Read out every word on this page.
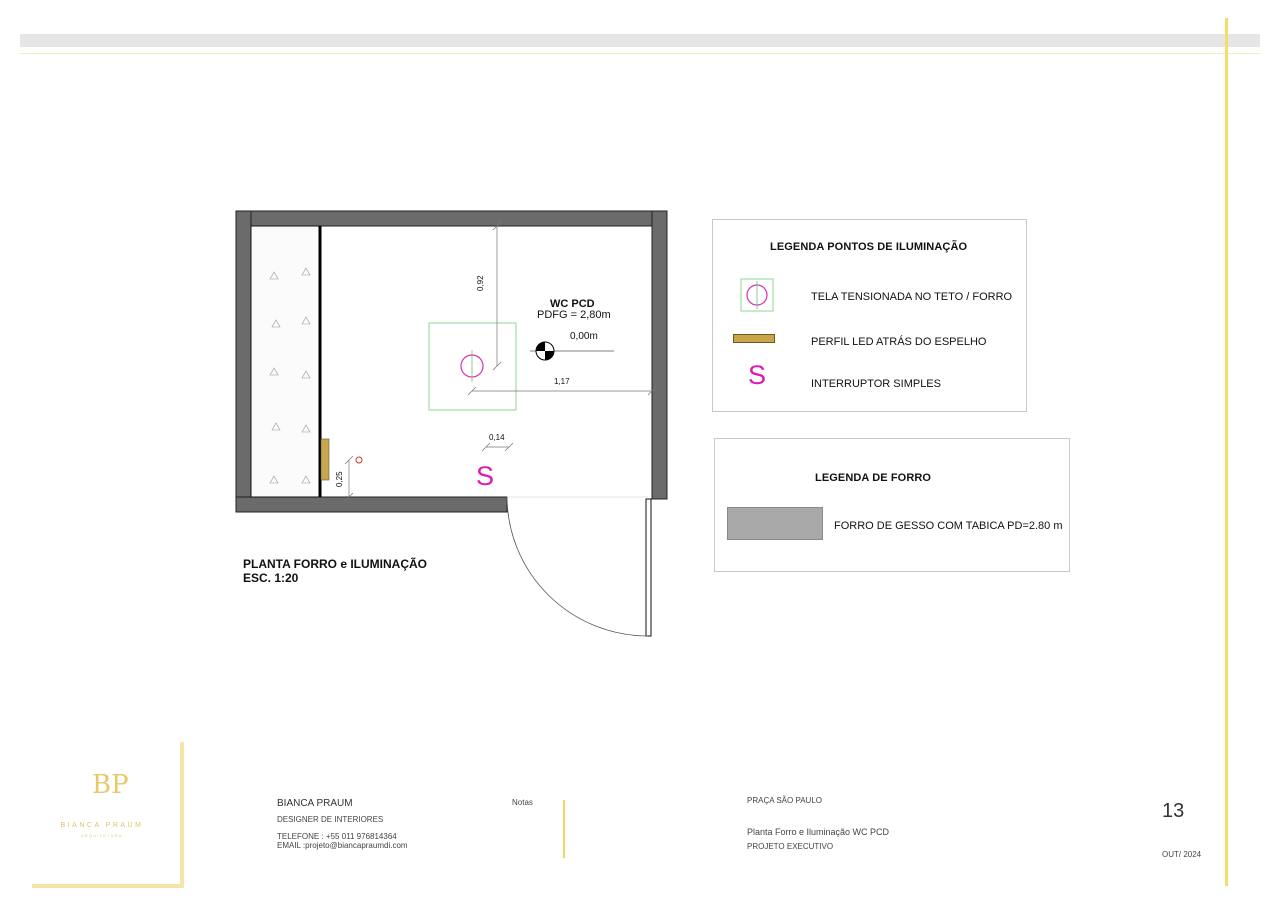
WC PCD
PDFG = 2,80m
0,00m
0,92
1,17
0,14
0,25	S
PLANTA FORRO e ILUMINAÇÃO
ESC. 1:20
LEGENDA PONTOS DE ILUMINAÇÃO
TELA TENSIONADA NO TETO / FORRO
PERFIL LED ATRÁS DO ESPELHO
S	INTERRUPTOR SIMPLES
LEGENDA DE FORRO
FORRO DE GESSO COM TABICA PD=2.80 m
BP
BIANCA PRAUM
ARQUITETURA
BIANCA PRAUM
DESIGNER DE INTERIORES
TELEFONE : +55 011 976814364
EMAIL :projeto@biancapraumdi.com
Notas	PRAÇA SÃO PAULO
Planta Forro e Iluminação WC PCD
PROJETO EXECUTIVO
13
OUT/ 2024
